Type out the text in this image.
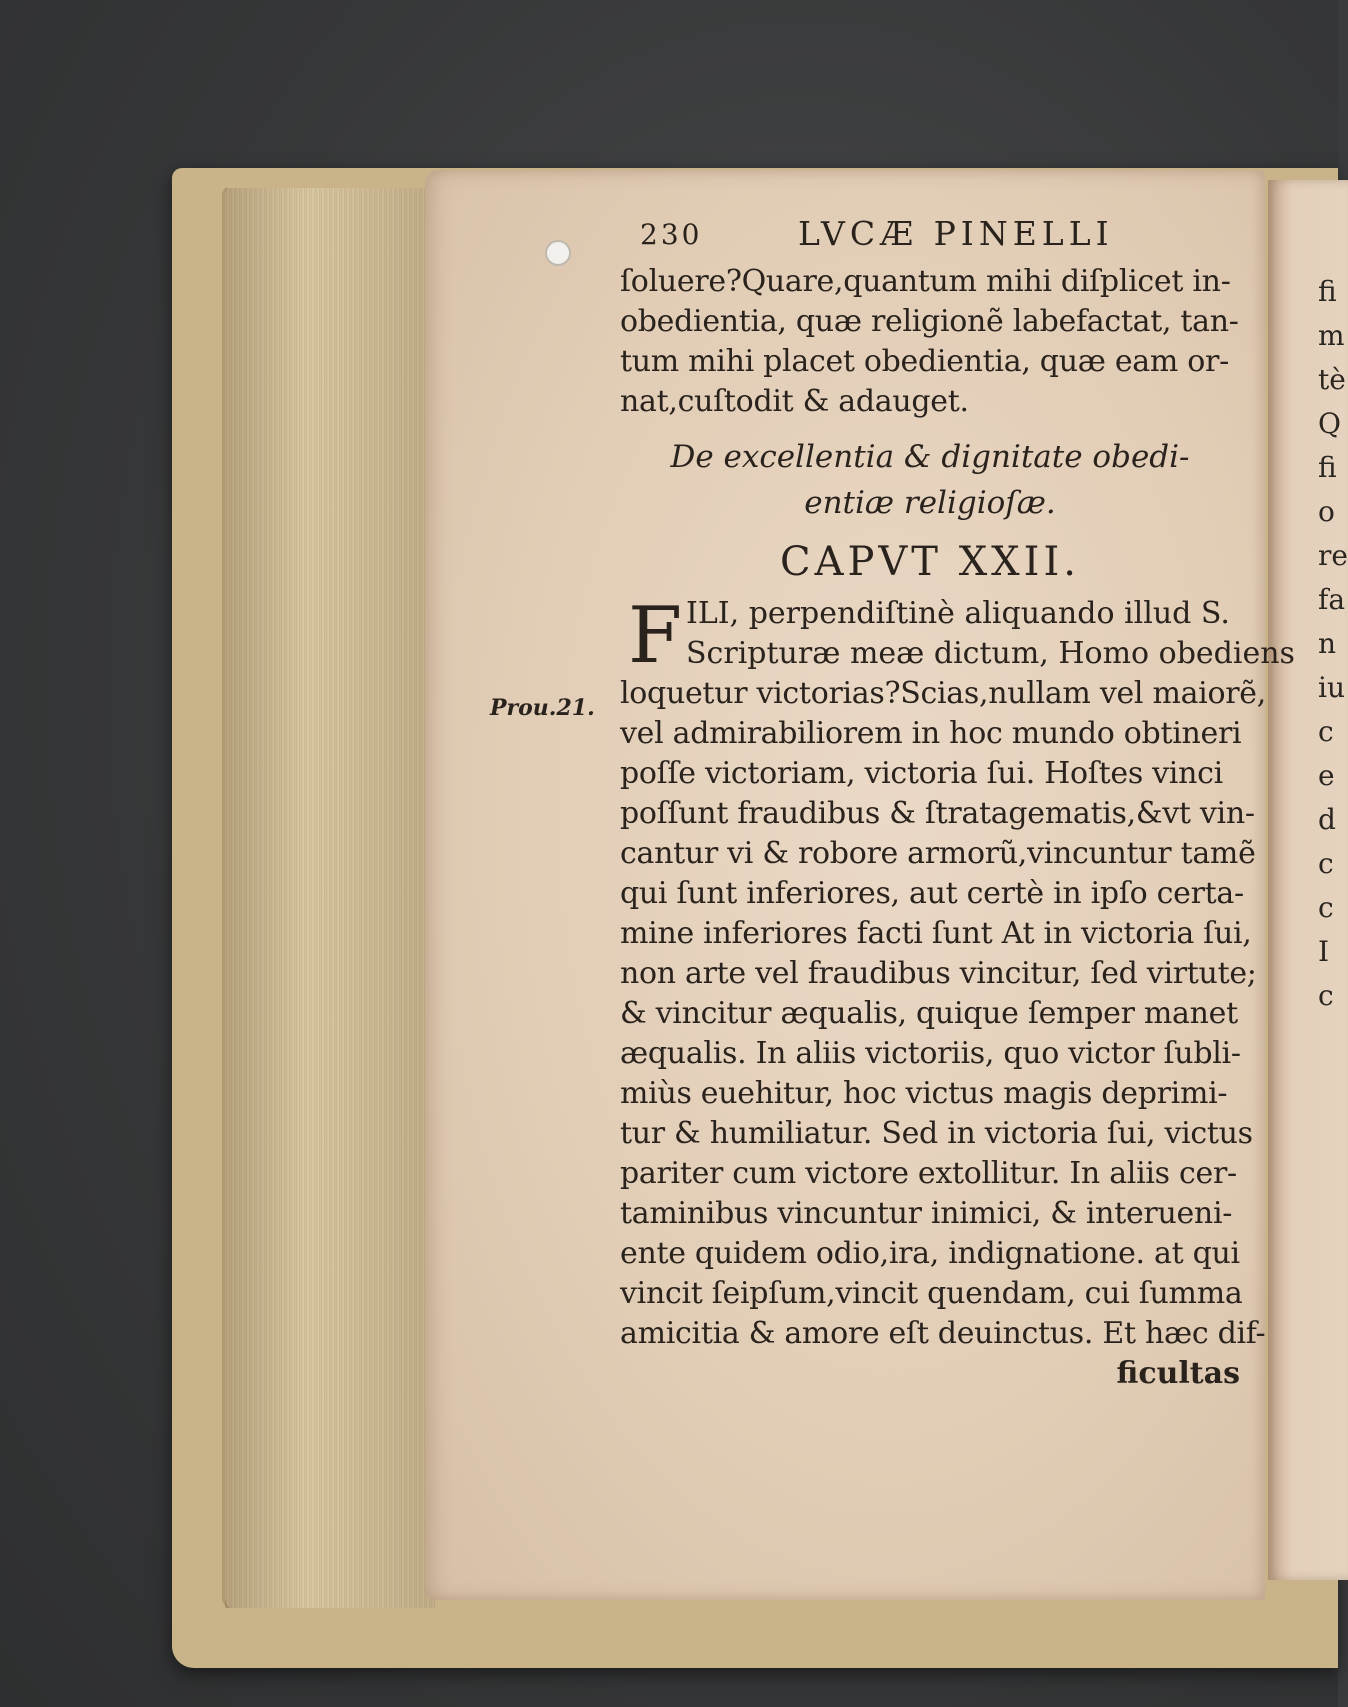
fi
m
tè
Q
fi
o
re
fa
n
iu
c
e
d
c
c
I
c
Prou.21.
230	LVCÆ PINELLI
ſoluere?Quare,quantum mihi diſplicet in-
obedientia, quæ religionẽ labefactat, tan-
tum mihi placet obedientia, quæ eam or-
nat,cuſtodit & adauget.
De excellentia & dignitate obedi-
entiæ religioſæ.
CAPVT XXII.
F ILI, perpendiſtinè aliquando illud S.
Scripturæ meæ dictum, Homo obediens
loquetur victorias?Scias,nullam vel maiorẽ,
vel admirabiliorem in hoc mundo obtineri
poſſe victoriam, victoria ſui. Hoſtes vinci
poſſunt fraudibus & ſtratagematis,&vt vin-
cantur vi & robore armorũ,vincuntur tamẽ
qui ſunt inferiores, aut certè in ipſo certa-
mine inferiores facti ſunt At in victoria ſui,
non arte vel fraudibus vincitur, ſed virtute;
& vincitur æqualis, quique ſemper manet
æqualis. In aliis victoriis, quo victor ſubli-
miùs euehitur, hoc victus magis deprimi-
tur & humiliatur. Sed in victoria ſui, victus
pariter cum victore extollitur. In aliis cer-
taminibus vincuntur inimici, & interueni-
ente quidem odio,ira, indignatione. at qui
vincit ſeipſum,vincit quendam, cui ſumma
amicitia & amore eſt deuinctus. Et hæc dif-
ficultas
